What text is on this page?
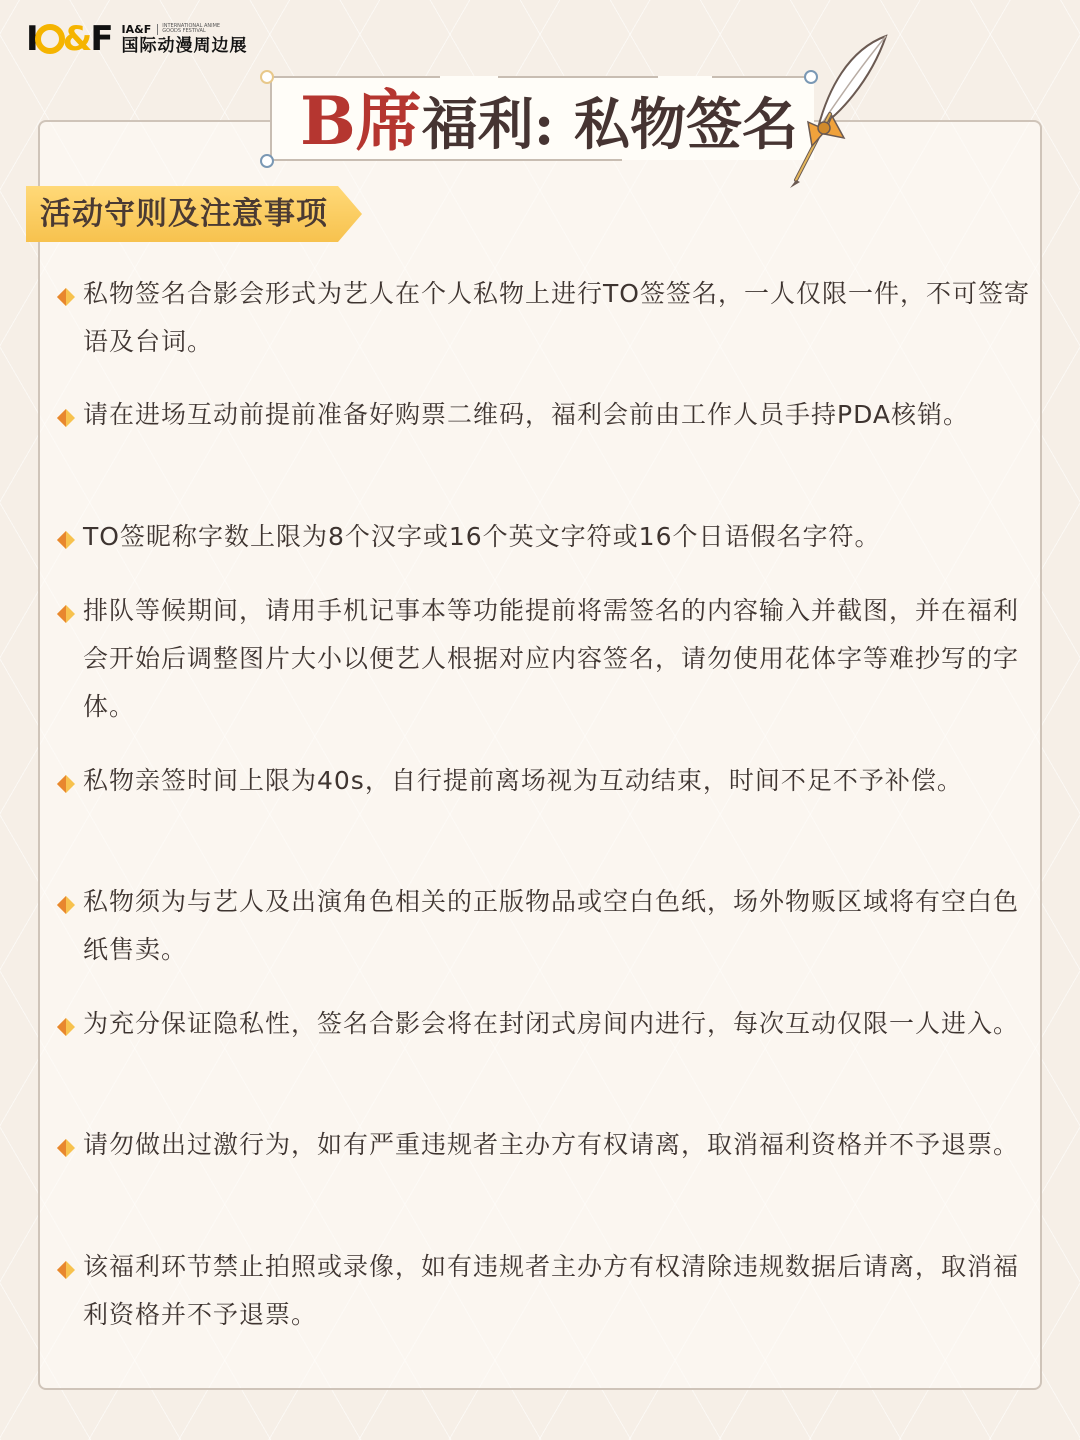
I & F IA&F	INTERNATIONAL ANIME GOODS FESTIVAL
国际动漫周边展
B席福利: 私物签名
活动守则及注意事项
私物签名合影会形式为艺人在个人私物上进行TO签签名，一人仅限一件，不可签寄语及台词。
请在进场互动前提前准备好购票二维码，福利会前由工作人员手持PDA核销。
TO签昵称字数上限为8个汉字或16个英文字符或16个日语假名字符。
排队等候期间，请用手机记事本等功能提前将需签名的内容输入并截图，并在福利会开始后调整图片大小以便艺人根据对应内容签名，请勿使用花体字等难抄写的字体。
私物亲签时间上限为40s，自行提前离场视为互动结束，时间不足不予补偿。
私物须为与艺人及出演角色相关的正版物品或空白色纸，场外物贩区域将有空白色纸售卖。
为充分保证隐私性，签名合影会将在封闭式房间内进行，每次互动仅限一人进入。
请勿做出过激行为，如有严重违规者主办方有权请离，取消福利资格并不予退票。
该福利环节禁止拍照或录像，如有违规者主办方有权清除违规数据后请离，取消福利资格并不予退票。
